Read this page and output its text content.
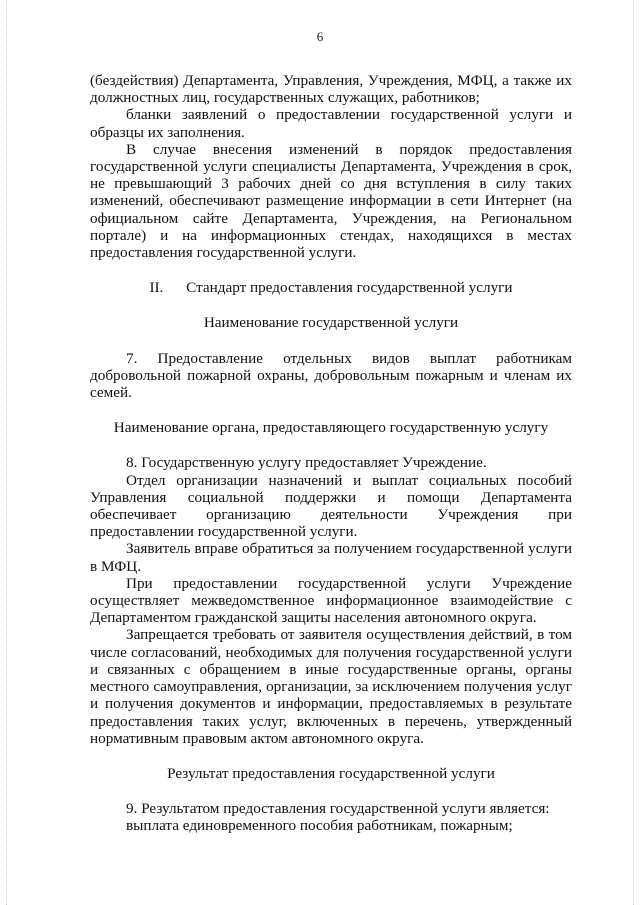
6

(бездействия) Департамента, Управления, Учреждения, МФЦ, а также их должностных лиц, государственных служащих, работников;

бланки заявлений о предоставлении государственной услуги и образцы их заполнения.

В случае внесения изменений в порядок предоставления государственной услуги специалисты Департамента, Учреждения в срок, не превышающий 3 рабочих дней со дня вступления в силу таких изменений, обеспечивают размещение информации в сети Интернет (на официальном сайте Департамента, Учреждения, на Региональном портале) и на информационных стендах, находящихся в местах предоставления государственной услуги.

II.      Стандарт предоставления государственной услуги

Наименование государственной услуги

7. Предоставление отдельных видов выплат работникам добровольной пожарной охраны, добровольным пожарным и членам их семей.

Наименование органа, предоставляющего государственную услугу

8. Государственную услугу предоставляет Учреждение.

Отдел организации назначений и выплат социальных пособий Управления социальной поддержки и помощи Департамента обеспечивает организацию деятельности Учреждения при предоставлении государственной услуги.

Заявитель вправе обратиться за получением государственной услуги в МФЦ.

При предоставлении государственной услуги Учреждение осуществляет межведомственное информационное взаимодействие с Департаментом гражданской защиты населения автономного округа.

Запрещается требовать от заявителя осуществления действий, в том числе согласований, необходимых для получения государственной услуги и связанных с обращением в иные государственные органы, органы местного самоуправления, организации, за исключением получения услуг и получения документов и информации, предоставляемых в результате предоставления таких услуг, включенных в перечень, утвержденный нормативным правовым актом автономного округа.

Результат предоставления государственной услуги

9. Результатом предоставления государственной услуги является:

выплата единовременного пособия работникам, пожарным;
